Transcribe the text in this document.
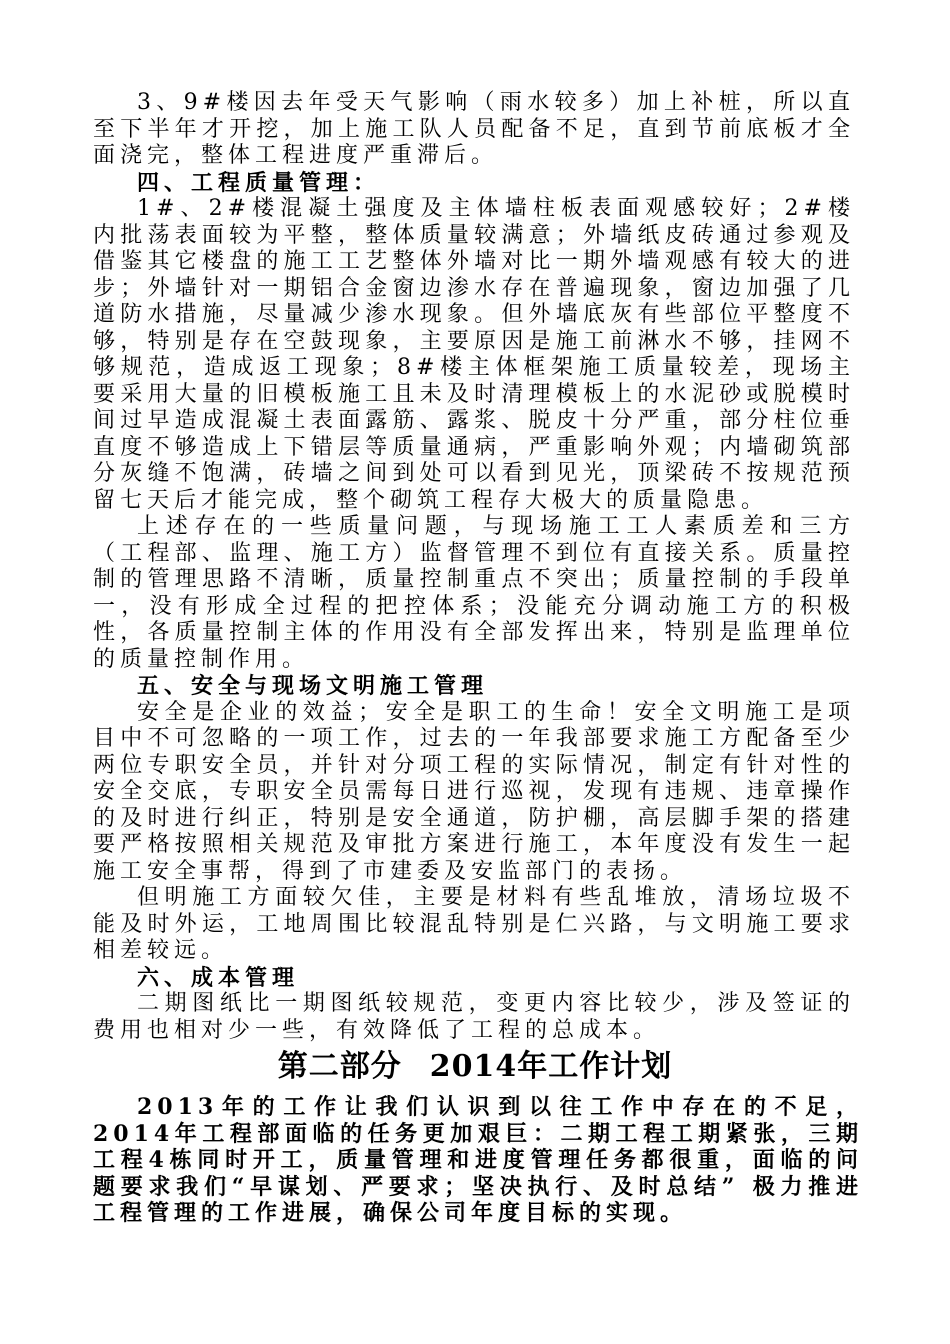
3、9#楼因去年受天气影响（雨水较多）加上补桩，所以直至下半年才开挖，加上施工队人员配备不足，直到节前底板才全面浇完，整体工程进度严重滞后。

四、工程质量管理：

1#、2#楼混凝土强度及主体墙柱板表面观感较好；2#楼内批荡表面较为平整，整体质量较满意；外墙纸皮砖通过参观及借鉴其它楼盘的施工工艺整体外墙对比一期外墙观感有较大的进步；外墙针对一期铝合金窗边渗水存在普遍现象，窗边加强了几道防水措施，尽量减少渗水现象。但外墙底灰有些部位平整度不够，特别是存在空鼓现象，主要原因是施工前淋水不够，挂网不够规范，造成返工现象；8#楼主体框架施工质量较差，现场主要采用大量的旧模板施工且未及时清理模板上的水泥砂或脱模时间过早造成混凝土表面露筋、露浆、脱皮十分严重，部分柱位垂直度不够造成上下错层等质量通病，严重影响外观；内墙砌筑部分灰缝不饱满，砖墙之间到处可以看到见光，顶梁砖不按规范预留七天后才能完成，整个砌筑工程存大极大的质量隐患。

上述存在的一些质量问题，与现场施工工人素质差和三方（工程部、监理、施工方）监督管理不到位有直接关系。质量控制的管理思路不清晰，质量控制重点不突出；质量控制的手段单一，没有形成全过程的把控体系；没能充分调动施工方的积极性，各质量控制主体的作用没有全部发挥出来，特别是监理单位的质量控制作用。

五、安全与现场文明施工管理

安全是企业的效益；安全是职工的生命！安全文明施工是项目中不可忽略的一项工作，过去的一年我部要求施工方配备至少两位专职安全员，并针对分项工程的实际情况，制定有针对性的安全交底，专职安全员需每日进行巡视，发现有违规、违章操作的及时进行纠正，特别是安全通道，防护棚，高层脚手架的搭建要严格按照相关规范及审批方案进行施工，本年度没有发生一起施工安全事帮，得到了市建委及安监部门的表扬。

但明施工方面较欠佳，主要是材料有些乱堆放，清场垃圾不能及时外运，工地周围比较混乱特别是仁兴路，与文明施工要求相差较远。

六、成本管理

二期图纸比一期图纸较规范，变更内容比较少，涉及签证的费用也相对少一些，有效降低了工程的总成本。

第二部分 2014年工作计划

2013年的工作让我们认识到以往工作中存在的不足，2014年工程部面临的任务更加艰巨：二期工程工期紧张，三期工程4栋同时开工，质量管理和进度管理任务都很重，面临的问题要求我们“早谋划、严要求；坚决执行、及时总结” 极力推进工程管理的工作进展，确保公司年度目标的实现。
